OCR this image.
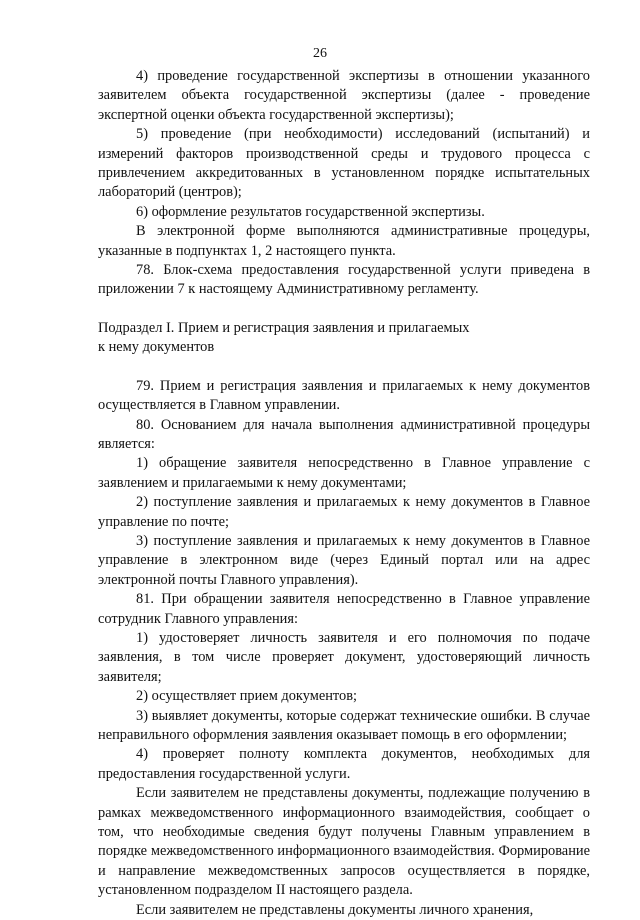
26

4) проведение государственной экспертизы в отношении указанного заявителем объекта государственной экспертизы (далее - проведение экспертной оценки объекта государственной экспертизы);

5) проведение (при необходимости) исследований (испытаний) и измерений факторов производственной среды и трудового процесса с привлечением аккредитованных в установленном порядке испытательных лабораторий (центров);

6) оформление результатов государственной экспертизы.

В электронной форме выполняются административные процедуры, указанные в подпунктах 1, 2 настоящего пункта.

78. Блок-схема предоставления государственной услуги приведена в приложении 7 к настоящему Административному регламенту.

Подраздел I. Прием и регистрация заявления и прилагаемых
к нему документов

79. Прием и регистрация заявления и прилагаемых к нему документов осуществляется в Главном управлении.

80. Основанием для начала выполнения административной процедуры является:

1) обращение заявителя непосредственно в Главное управление с заявлением и прилагаемыми к нему документами;

2) поступление заявления и прилагаемых к нему документов в Главное управление по почте;

3) поступление заявления и прилагаемых к нему документов в Главное управление в электронном виде (через Единый портал или на адрес электронной почты Главного управления).

81. При обращении заявителя непосредственно в Главное управление сотрудник Главного управления:

1) удостоверяет личность заявителя и его полномочия по подаче заявления, в том числе проверяет документ, удостоверяющий личность заявителя;

2) осуществляет прием документов;

3) выявляет документы, которые содержат технические ошибки. В случае неправильного оформления заявления оказывает помощь в его оформлении;

4) проверяет полноту комплекта документов, необходимых для предоставления государственной услуги.

Если заявителем не представлены документы, подлежащие получению в рамках межведомственного информационного взаимодействия, сообщает о том, что необходимые сведения будут получены Главным управлением в порядке межведомственного информационного взаимодействия. Формирование и направление межведомственных запросов осуществляется в порядке, установленном подразделом II настоящего раздела.

Если заявителем не представлены документы личного хранения,
